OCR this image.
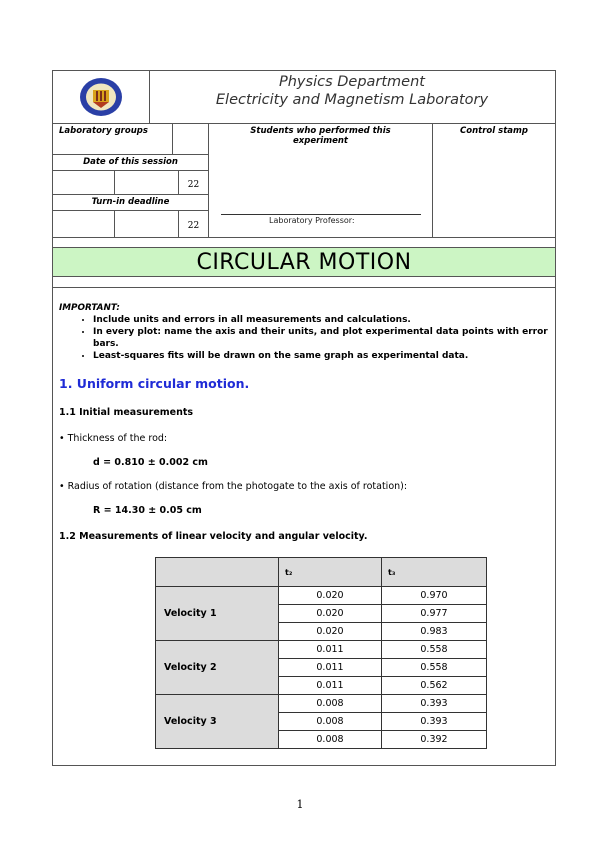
Physics Department
Electricity and Magnetism Laboratory
Laboratory groups	Students who performed this experiment
Control stamp
Date of this session
22
Turn-in deadline
22
Laboratory Professor:
CIRCULAR MOTION
IMPORTANT:
• Include units and errors in all measurements and calculations.
• In every plot: name the axis and their units, and plot experimental data points with error bars.
• Least-squares fits will be drawn on the same graph as experimental data.
1. Uniform circular motion.
1.1 Initial measurements
• Thickness of the rod:
d = 0.810 ± 0.002 cm
• Radius of rotation (distance from the photogate to the axis of rotation):
R = 14.30 ± 0.05 cm
1.2 Measurements of linear velocity and angular velocity.
	t₂	t₃
Velocity 1	0.020	0.970
	0.020	0.977
	0.020	0.983
Velocity 2	0.011	0.558
	0.011	0.558
	0.011	0.562
Velocity 3	0.008	0.393
	0.008	0.393
	0.008	0.392
1
